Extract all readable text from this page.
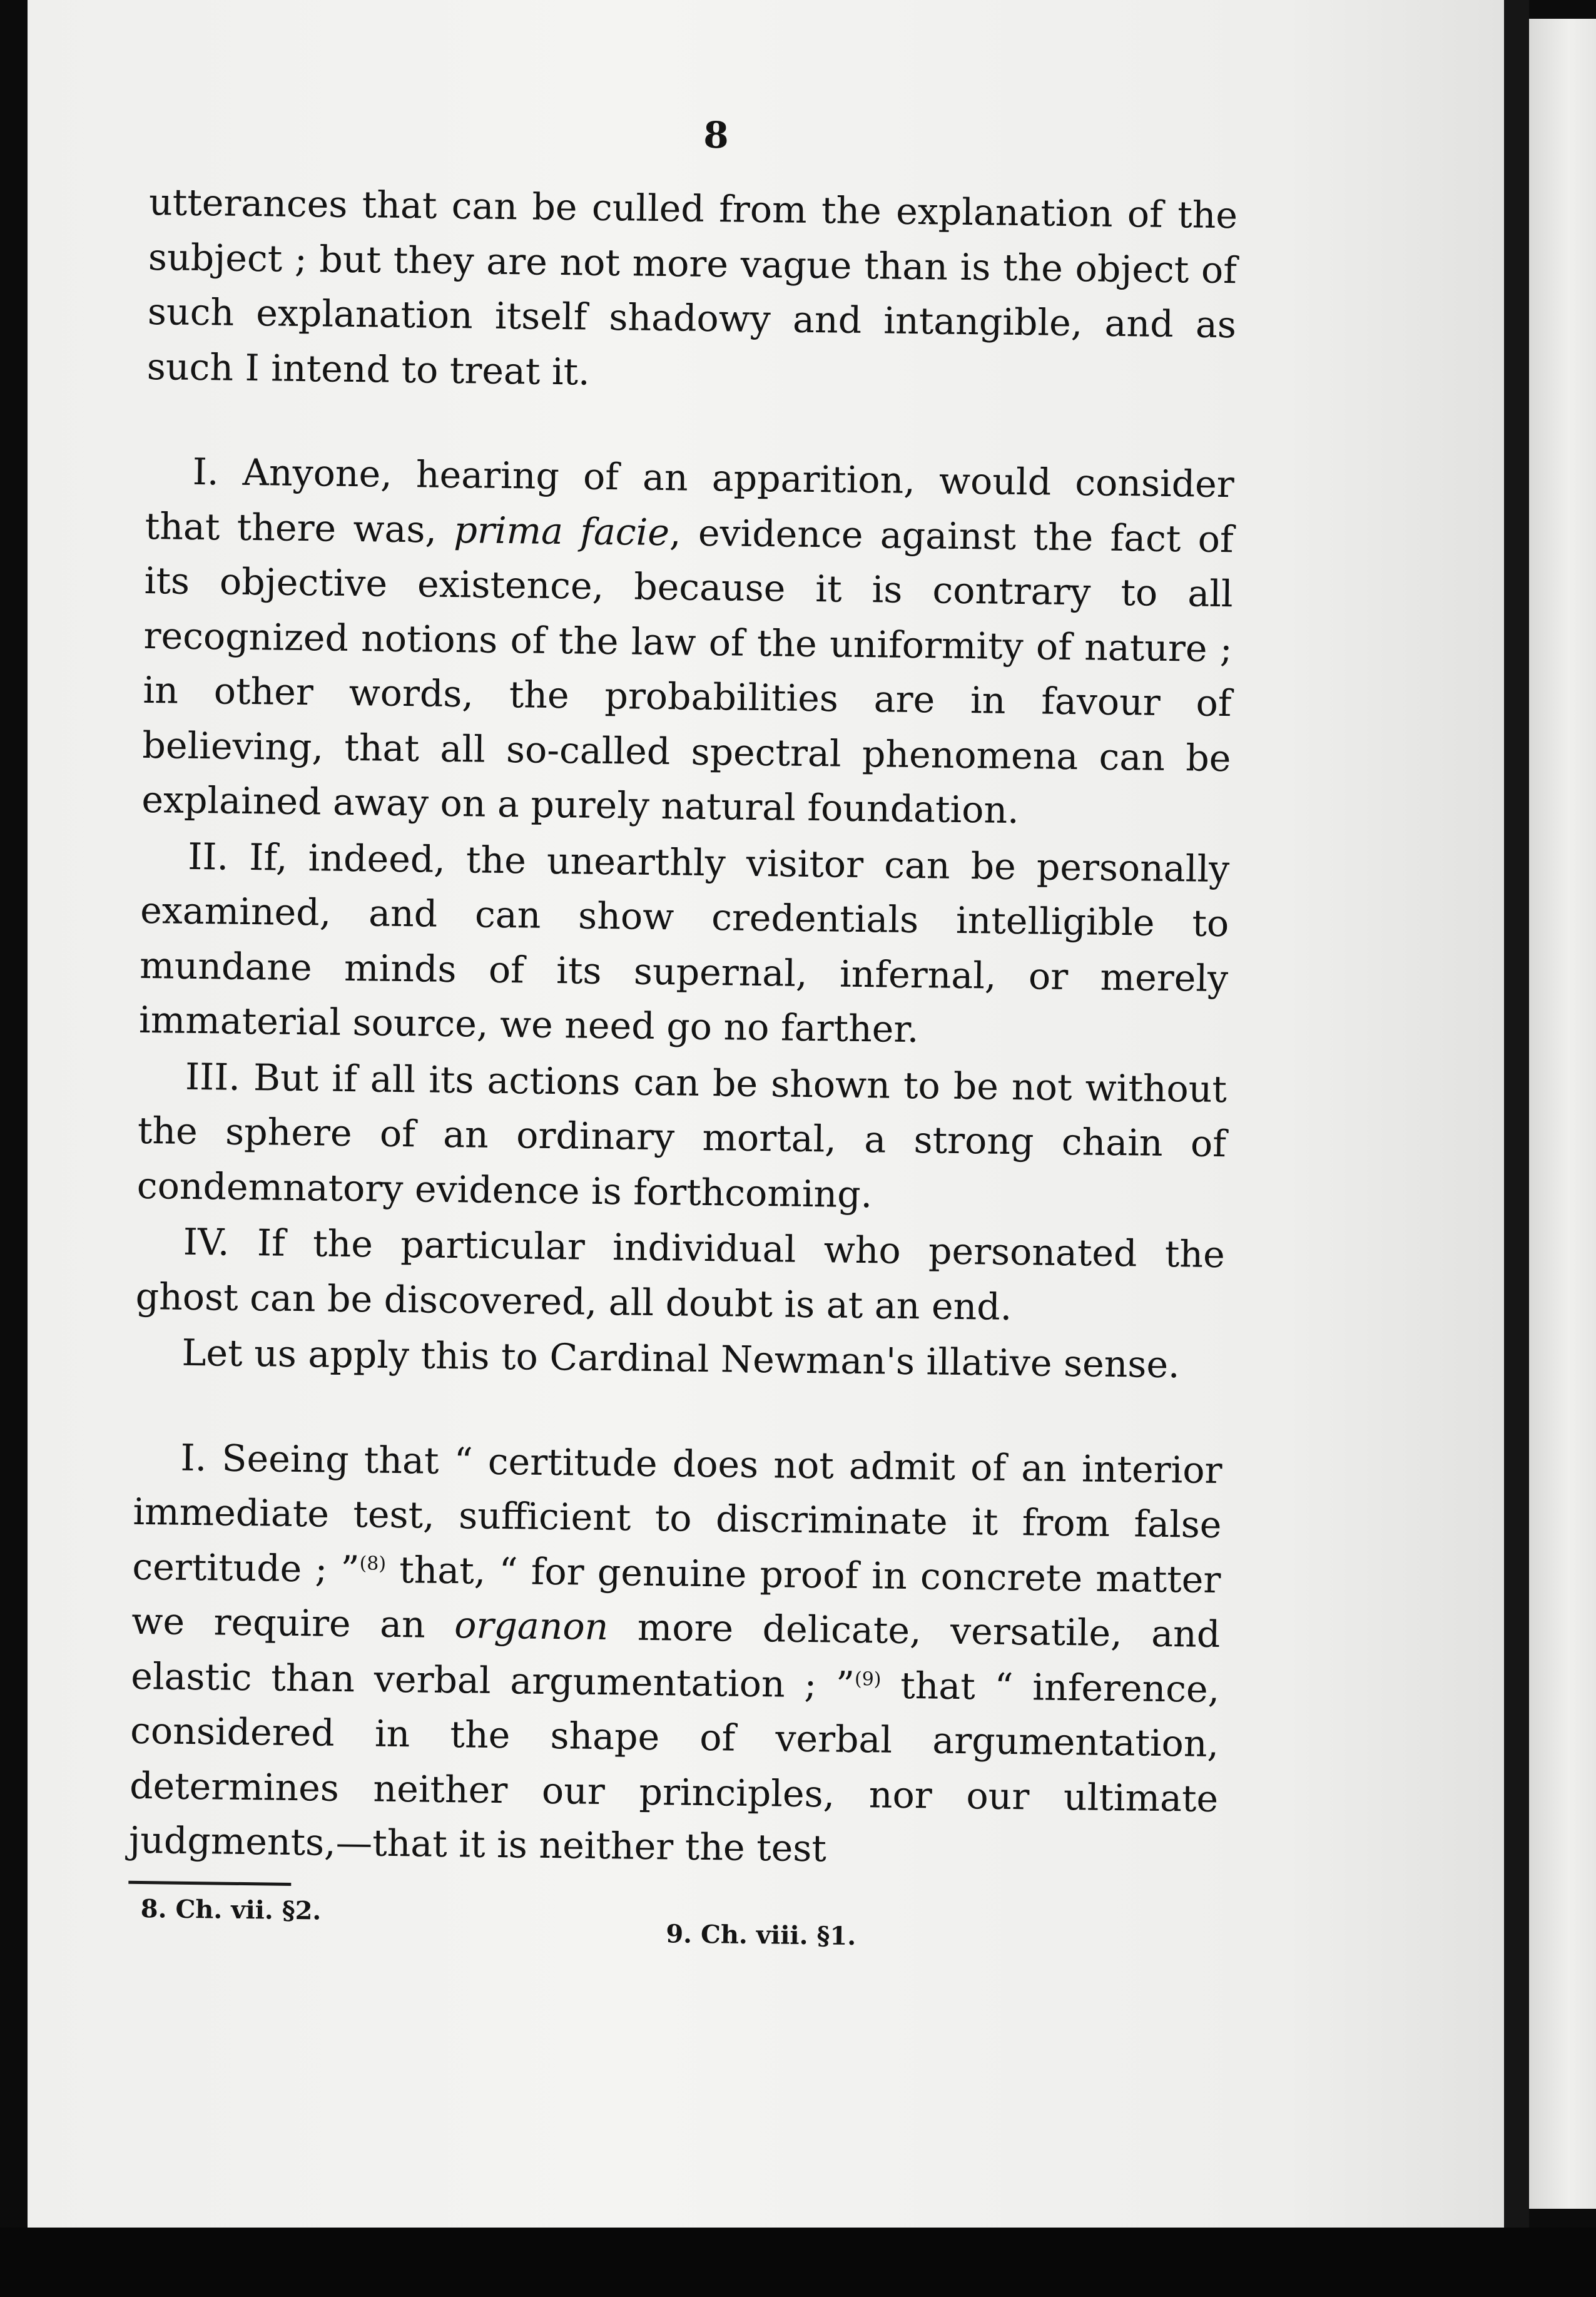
8

utterances that can be culled from the explanation of the subject ; but they are not more vague than is the object of such explanation itself shadowy and intangible, and as such I intend to treat it.

I. Anyone, hearing of an apparition, would consider that there was, prima facie, evidence against the fact of its objective existence, because it is contrary to all recognized notions of the law of the uniformity of nature ; in other words, the probabilities are in favour of believing, that all so-called spectral phenomena can be explained away on a purely natural foundation.

II. If, indeed, the unearthly visitor can be personally examined, and can show credentials intelligible to mundane minds of its supernal, infernal, or merely immaterial source, we need go no farther.

III. But if all its actions can be shown to be not without the sphere of an ordinary mortal, a strong chain of condemnatory evidence is forthcoming.

IV. If the particular individual who personated the ghost can be discovered, all doubt is at an end.

Let us apply this to Cardinal Newman's illative sense.

I. Seeing that “ certitude does not admit of an interior immediate test, sufficient to discriminate it from false certitude ; ”$^{(8)}$ that, “ for genuine proof in concrete matter we require an organon more delicate, versatile, and elastic than verbal argumentation ; ”$^{(9)}$ that “ inference, considered in the shape of verbal argumentation, determines neither our principles, nor our ultimate judgments,—that it is neither the test

8. Ch. vii. §2.
9. Ch. viii. §1.
